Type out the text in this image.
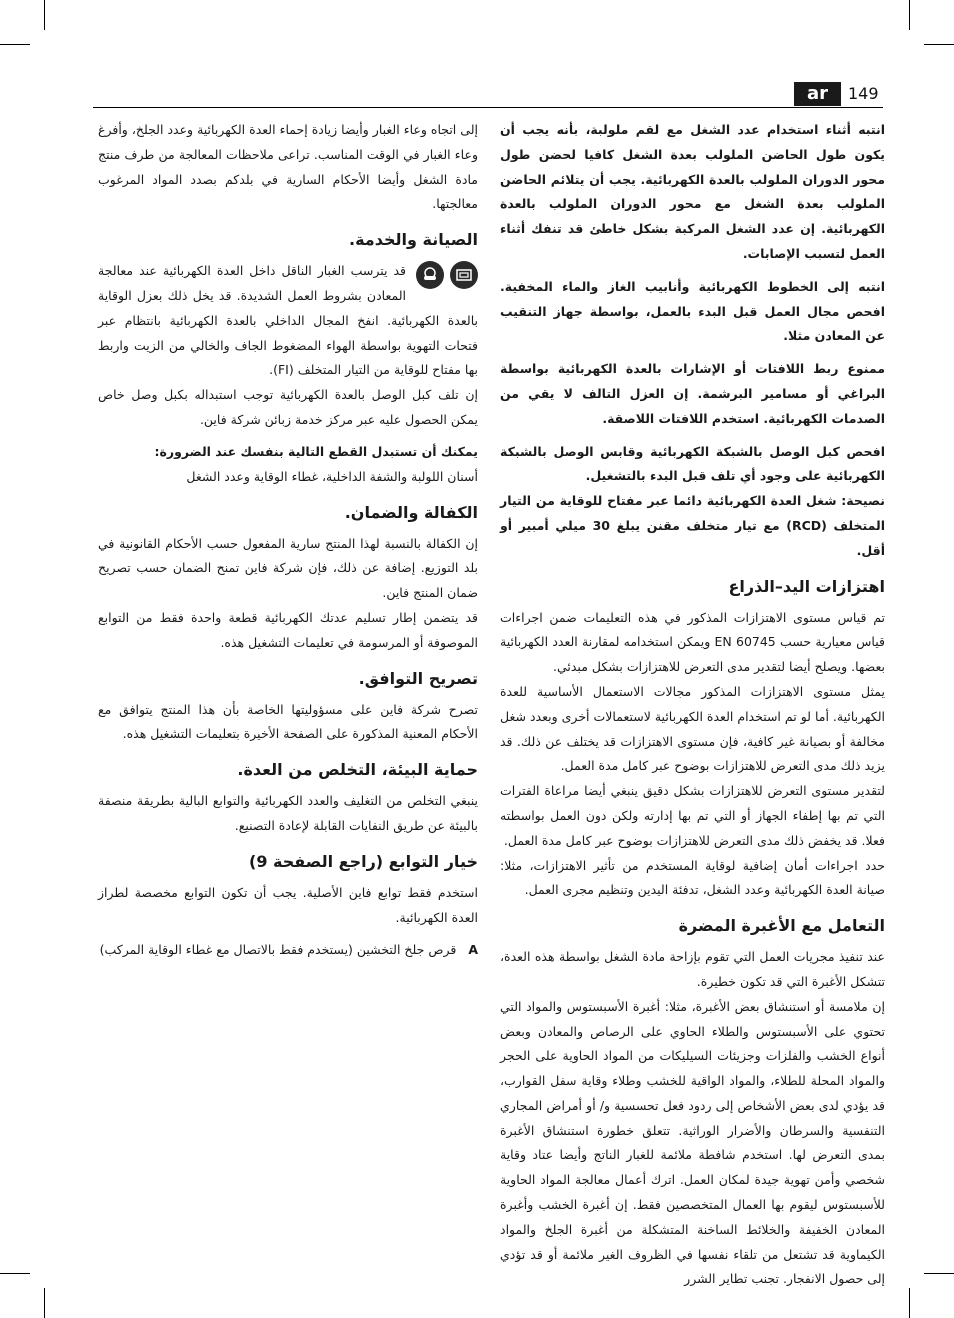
ar	149

انتبه أثناء استخدام عدد الشغل مع لقم ملولبة، بأنه يجب أن يكون طول الحاضن الملولب بعدة الشغل كافيا لحضن طول محور الدوران الملولب بالعدة الكهربائية. يجب أن يتلائم الحاضن الملولب بعدة الشغل مع محور الدوران الملولب بالعدة الكهربائية. إن عدد الشغل المركبة بشكل خاطئ قد تنفك أثناء العمل لتسبب الإصابات.

انتبه إلى الخطوط الكهربائية وأنابيب الغاز والماء المخفية. افحص مجال العمل قبل البدء بالعمل، بواسطة جهاز التنقيب عن المعادن مثلا.

ممنوع ربط اللافتات أو الإشارات بالعدة الكهربائية بواسطة البراغي أو مسامير البرشمة. إن العزل التالف لا يقي من الصدمات الكهربائية. استخدم اللافتات اللاصقة.

افحص كبل الوصل بالشبكة الكهربائية وقابس الوصل بالشبكة الكهربائية على وجود أي تلف قبل البدء بالتشغيل.

نصيحة: شغل العدة الكهربائية دائما عبر مفتاح للوقاية من التيار المتخلف (RCD) مع تيار متخلف مقنن يبلغ 30 ميلي أمبير أو أقل.

اهتزازات اليد–الذراع

تم قياس مستوى الاهتزازات المذكور في هذه التعليمات ضمن اجراءات قياس معيارية حسب EN 60745 ويمكن استخدامه لمقارنة العدد الكهربائية بعضها. ويصلح أيضا لتقدير مدى التعرض للاهتزازات بشكل مبدئي.

يمثل مستوى الاهتزازات المذكور مجالات الاستعمال الأساسية للعدة الكهربائية. أما لو تم استخدام العدة الكهربائية لاستعمالات أخرى وبعدد شغل مخالفة أو بصيانة غير كافية، فإن مستوى الاهتزازات قد يختلف عن ذلك. قد يزيد ذلك مدى التعرض للاهتزازات بوضوح عبر كامل مدة العمل.

لتقدير مستوى التعرض للاهتزازات بشكل دقيق ينبغي أيضا مراعاة الفترات التي تم بها إطفاء الجهاز أو التي تم بها إدارته ولكن دون العمل بواسطته فعلا. قد يخفض ذلك مدى التعرض للاهتزازات بوضوح عبر كامل مدة العمل.

حدد اجراءات أمان إضافية لوقاية المستخدم من تأثير الاهتزازات، مثلا: صيانة العدة الكهربائية وعدد الشغل، تدفئة اليدين وتنظيم مجرى العمل.

التعامل مع الأغبرة المضرة

عند تنفيذ مجريات العمل التي تقوم بإزاحة مادة الشغل بواسطة هذه العدة، تتشكل الأغبرة التي قد تكون خطيرة.

إن ملامسة أو استنشاق بعض الأغبرة، مثلا: أغبرة الأسبستوس والمواد التي تحتوي على الأسبستوس والطلاء الحاوي على الرصاص والمعادن وبعض أنواع الخشب والفلزات وجزيئات السيليكات من المواد الحاوية على الحجر والمواد المحلة للطلاء، والمواد الواقية للخشب وطلاء وقاية سفل القوارب، قد يؤدي لدى بعض الأشخاص إلى ردود فعل تحسسية و/ أو أمراض المجاري التنفسية والسرطان والأضرار الوراثية. تتعلق خطورة استنشاق الأغبرة بمدى التعرض لها. استخدم شافطة ملائمة للغبار الناتج وأيضا عتاد وقاية شخصي وأمن تهوية جيدة لمكان العمل. اترك أعمال معالجة المواد الحاوية للأسبستوس ليقوم بها العمال المتخصصين فقط. إن أغبرة الخشب وأغبرة المعادن الخفيفة والخلائط الساخنة المتشكلة من أغبرة الجلخ والمواد الكيماوية قد تشتعل من تلقاء نفسها في الظروف الغير ملائمة أو قد تؤدي إلى حصول الانفجار. تجنب تطاير الشرر

إلى اتجاه وعاء الغبار وأيضا زيادة إحماء العدة الكهربائية وعدد الجلخ، وأفرغ وعاء الغبار في الوقت المناسب. تراعى ملاحظات المعالجة من طرف منتج مادة الشغل وأيضا الأحكام السارية في بلدكم بصدد المواد المرغوب معالجتها.

الصيانة والخدمة.

قد يترسب الغبار الناقل داخل العدة الكهربائية عند معالجة المعادن بشروط العمل الشديدة. قد يخل ذلك بعزل الوقاية بالعدة الكهربائية. انفخ المجال الداخلي بالعدة الكهربائية بانتظام عبر فتحات التهوية بواسطة الهواء المضغوط الجاف والخالي من الزيت واربط بها مفتاح للوقاية من التيار المتخلف (FI).

إن تلف كبل الوصل بالعدة الكهربائية توجب استبداله بكبل وصل خاص يمكن الحصول عليه عبر مركز خدمة زبائن شركة فاين.

يمكنك أن تستبدل القطع التالية بنفسك عند الضرورة:

أسنان اللولبة والشفة الداخلية، غطاء الوقاية وعدد الشغل

الكفالة والضمان.

إن الكفالة بالنسبة لهذا المنتج سارية المفعول حسب الأحكام القانونية في بلد التوزيع. إضافة عن ذلك، فإن شركة فاين تمنح الضمان حسب تصريح ضمان المنتج فاين.

قد يتضمن إطار تسليم عدتك الكهربائية قطعة واحدة فقط من التوابع الموصوفة أو المرسومة في تعليمات التشغيل هذه.

تصريح التوافق.

تصرح شركة فاين على مسؤوليتها الخاصة بأن هذا المنتج يتوافق مع الأحكام المعنية المذكورة على الصفحة الأخيرة بتعليمات التشغيل هذه.

حماية البيئة، التخلص من العدة.

ينبغي التخلص من التغليف والعدد الكهربائية والتوابع البالية بطريقة منصفة بالبيئة عن طريق النفايات القابلة لإعادة التصنيع.

خيار التوابع (راجع الصفحة 9)

استخدم فقط توابع فاين الأصلية. يجب أن تكون التوابع مخصصة لطراز العدة الكهربائية.

A قرص جلخ التخشين (يستخدم فقط بالاتصال مع غطاء الوقاية المركب)
